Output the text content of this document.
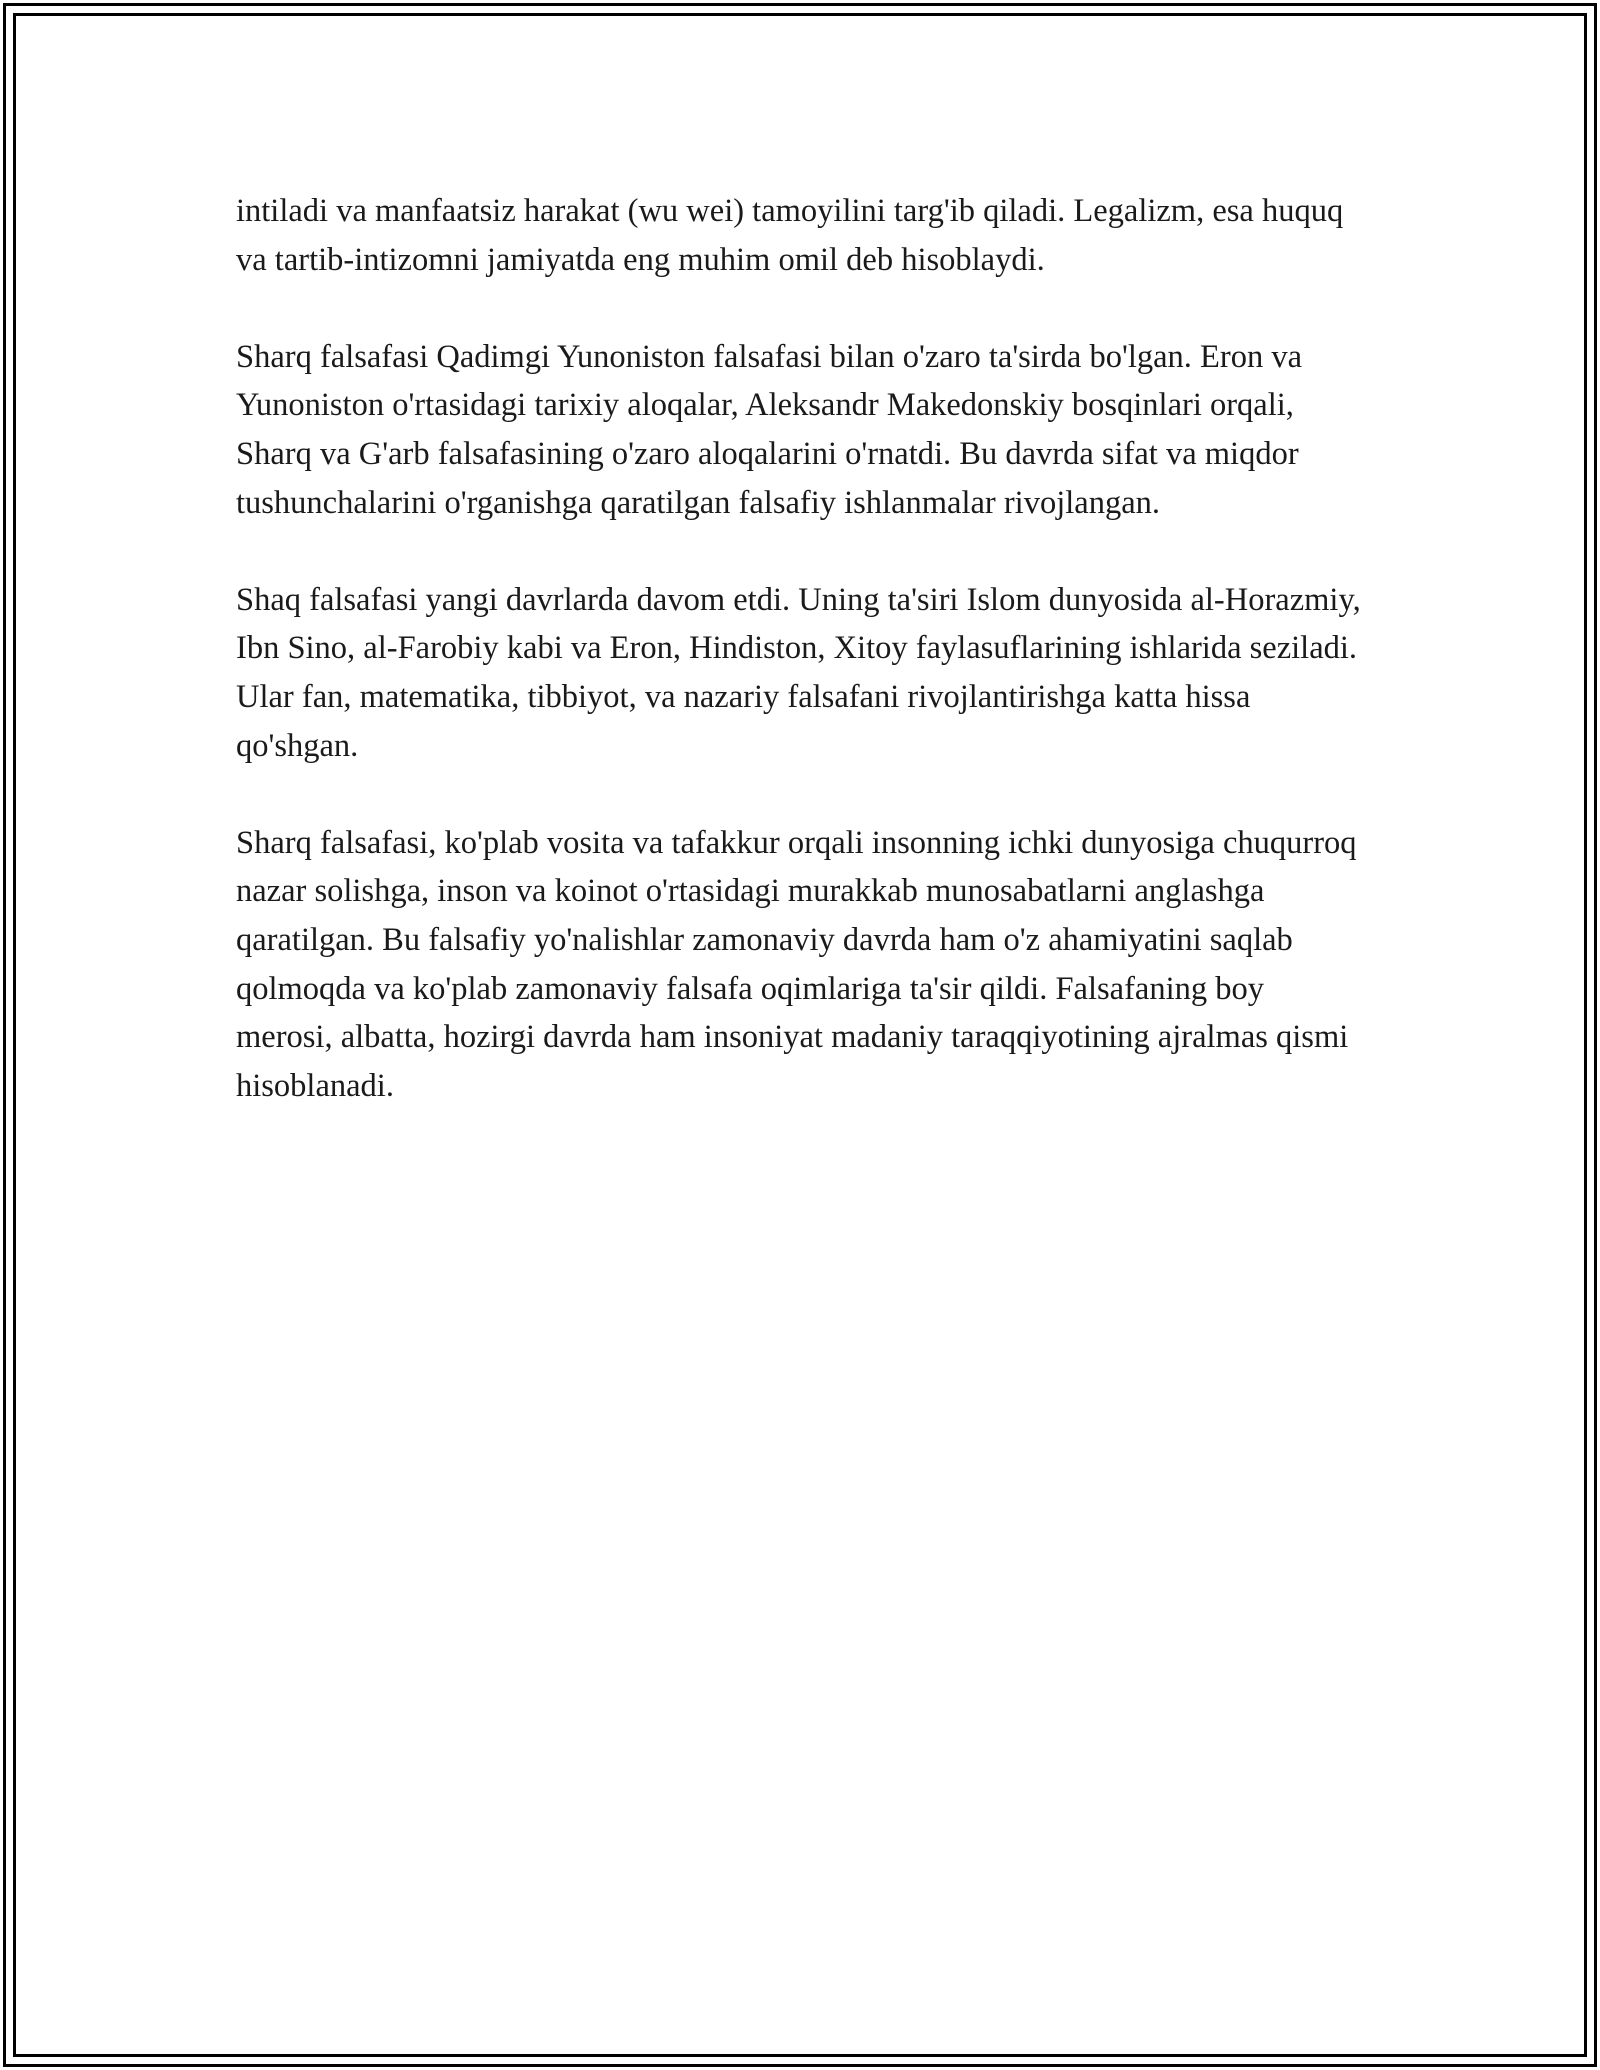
intiladi va manfaatsiz harakat (wu wei) tamoyilini targ'ib qiladi. Legalizm, esa huquq va tartib-intizomni jamiyatda eng muhim omil deb hisoblaydi.

Sharq falsafasi Qadimgi Yunoniston falsafasi bilan o'zaro ta'sirda bo'lgan. Eron va Yunoniston o'rtasidagi tarixiy aloqalar, Aleksandr Makedonskiy bosqinlari orqali, Sharq va G'arb falsafasining o'zaro aloqalarini o'rnatdi. Bu davrda sifat va miqdor tushunchalarini o'rganishga qaratilgan falsafiy ishlanmalar rivojlangan.

Shaq falsafasi yangi davrlarda davom etdi. Uning ta'siri Islom dunyosida al-Horazmiy, Ibn Sino, al-Farobiy kabi va Eron, Hindiston, Xitoy faylasuflarining ishlarida seziladi. Ular fan, matematika, tibbiyot, va nazariy falsafani rivojlantirishga katta hissa qo'shgan.

Sharq falsafasi, ko'plab vosita va tafakkur orqali insonning ichki dunyosiga chuqurroq nazar solishga, inson va koinot o'rtasidagi murakkab munosabatlarni anglashga qaratilgan. Bu falsafiy yo'nalishlar zamonaviy davrda ham o'z ahamiyatini saqlab qolmoqda va ko'plab zamonaviy falsafa oqimlariga ta'sir qildi. Falsafaning boy merosi, albatta, hozirgi davrda ham insoniyat madaniy taraqqiyotining ajralmas qismi hisoblanadi.
